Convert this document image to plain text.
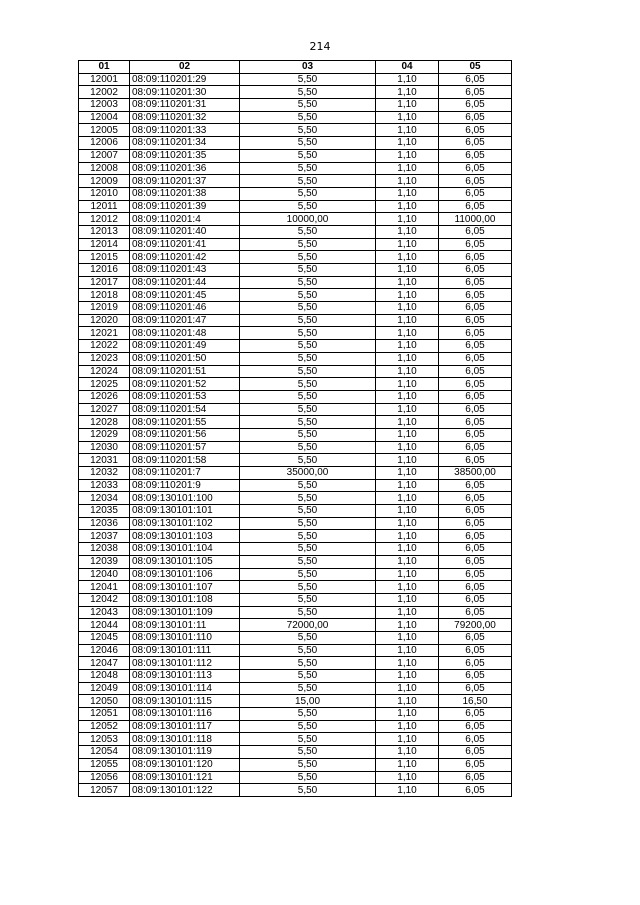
214
01	02	03	04	05
12001	08:09:110201:29	5,50	1,10	6,05
12002	08:09:110201:30	5,50	1,10	6,05
12003	08:09:110201:31	5,50	1,10	6,05
12004	08:09:110201:32	5,50	1,10	6,05
12005	08:09:110201:33	5,50	1,10	6,05
12006	08:09:110201:34	5,50	1,10	6,05
12007	08:09:110201:35	5,50	1,10	6,05
12008	08:09:110201:36	5,50	1,10	6,05
12009	08:09:110201:37	5,50	1,10	6,05
12010	08:09:110201:38	5,50	1,10	6,05
12011	08:09:110201:39	5,50	1,10	6,05
12012	08:09:110201:4	10000,00	1,10	11000,00
12013	08:09:110201:40	5,50	1,10	6,05
12014	08:09:110201:41	5,50	1,10	6,05
12015	08:09:110201:42	5,50	1,10	6,05
12016	08:09:110201:43	5,50	1,10	6,05
12017	08:09:110201:44	5,50	1,10	6,05
12018	08:09:110201:45	5,50	1,10	6,05
12019	08:09:110201:46	5,50	1,10	6,05
12020	08:09:110201:47	5,50	1,10	6,05
12021	08:09:110201:48	5,50	1,10	6,05
12022	08:09:110201:49	5,50	1,10	6,05
12023	08:09:110201:50	5,50	1,10	6,05
12024	08:09:110201:51	5,50	1,10	6,05
12025	08:09:110201:52	5,50	1,10	6,05
12026	08:09:110201:53	5,50	1,10	6,05
12027	08:09:110201:54	5,50	1,10	6,05
12028	08:09:110201:55	5,50	1,10	6,05
12029	08:09:110201:56	5,50	1,10	6,05
12030	08:09:110201:57	5,50	1,10	6,05
12031	08:09:110201:58	5,50	1,10	6,05
12032	08:09:110201:7	35000,00	1,10	38500,00
12033	08:09:110201:9	5,50	1,10	6,05
12034	08:09:130101:100	5,50	1,10	6,05
12035	08:09:130101:101	5,50	1,10	6,05
12036	08:09:130101:102	5,50	1,10	6,05
12037	08:09:130101:103	5,50	1,10	6,05
12038	08:09:130101:104	5,50	1,10	6,05
12039	08:09:130101:105	5,50	1,10	6,05
12040	08:09:130101:106	5,50	1,10	6,05
12041	08:09:130101:107	5,50	1,10	6,05
12042	08:09:130101:108	5,50	1,10	6,05
12043	08:09:130101:109	5,50	1,10	6,05
12044	08:09:130101:11	72000,00	1,10	79200,00
12045	08:09:130101:110	5,50	1,10	6,05
12046	08:09:130101:111	5,50	1,10	6,05
12047	08:09:130101:112	5,50	1,10	6,05
12048	08:09:130101:113	5,50	1,10	6,05
12049	08:09:130101:114	5,50	1,10	6,05
12050	08:09:130101:115	15,00	1,10	16,50
12051	08:09:130101:116	5,50	1,10	6,05
12052	08:09:130101:117	5,50	1,10	6,05
12053	08:09:130101:118	5,50	1,10	6,05
12054	08:09:130101:119	5,50	1,10	6,05
12055	08:09:130101:120	5,50	1,10	6,05
12056	08:09:130101:121	5,50	1,10	6,05
12057	08:09:130101:122	5,50	1,10	6,05
